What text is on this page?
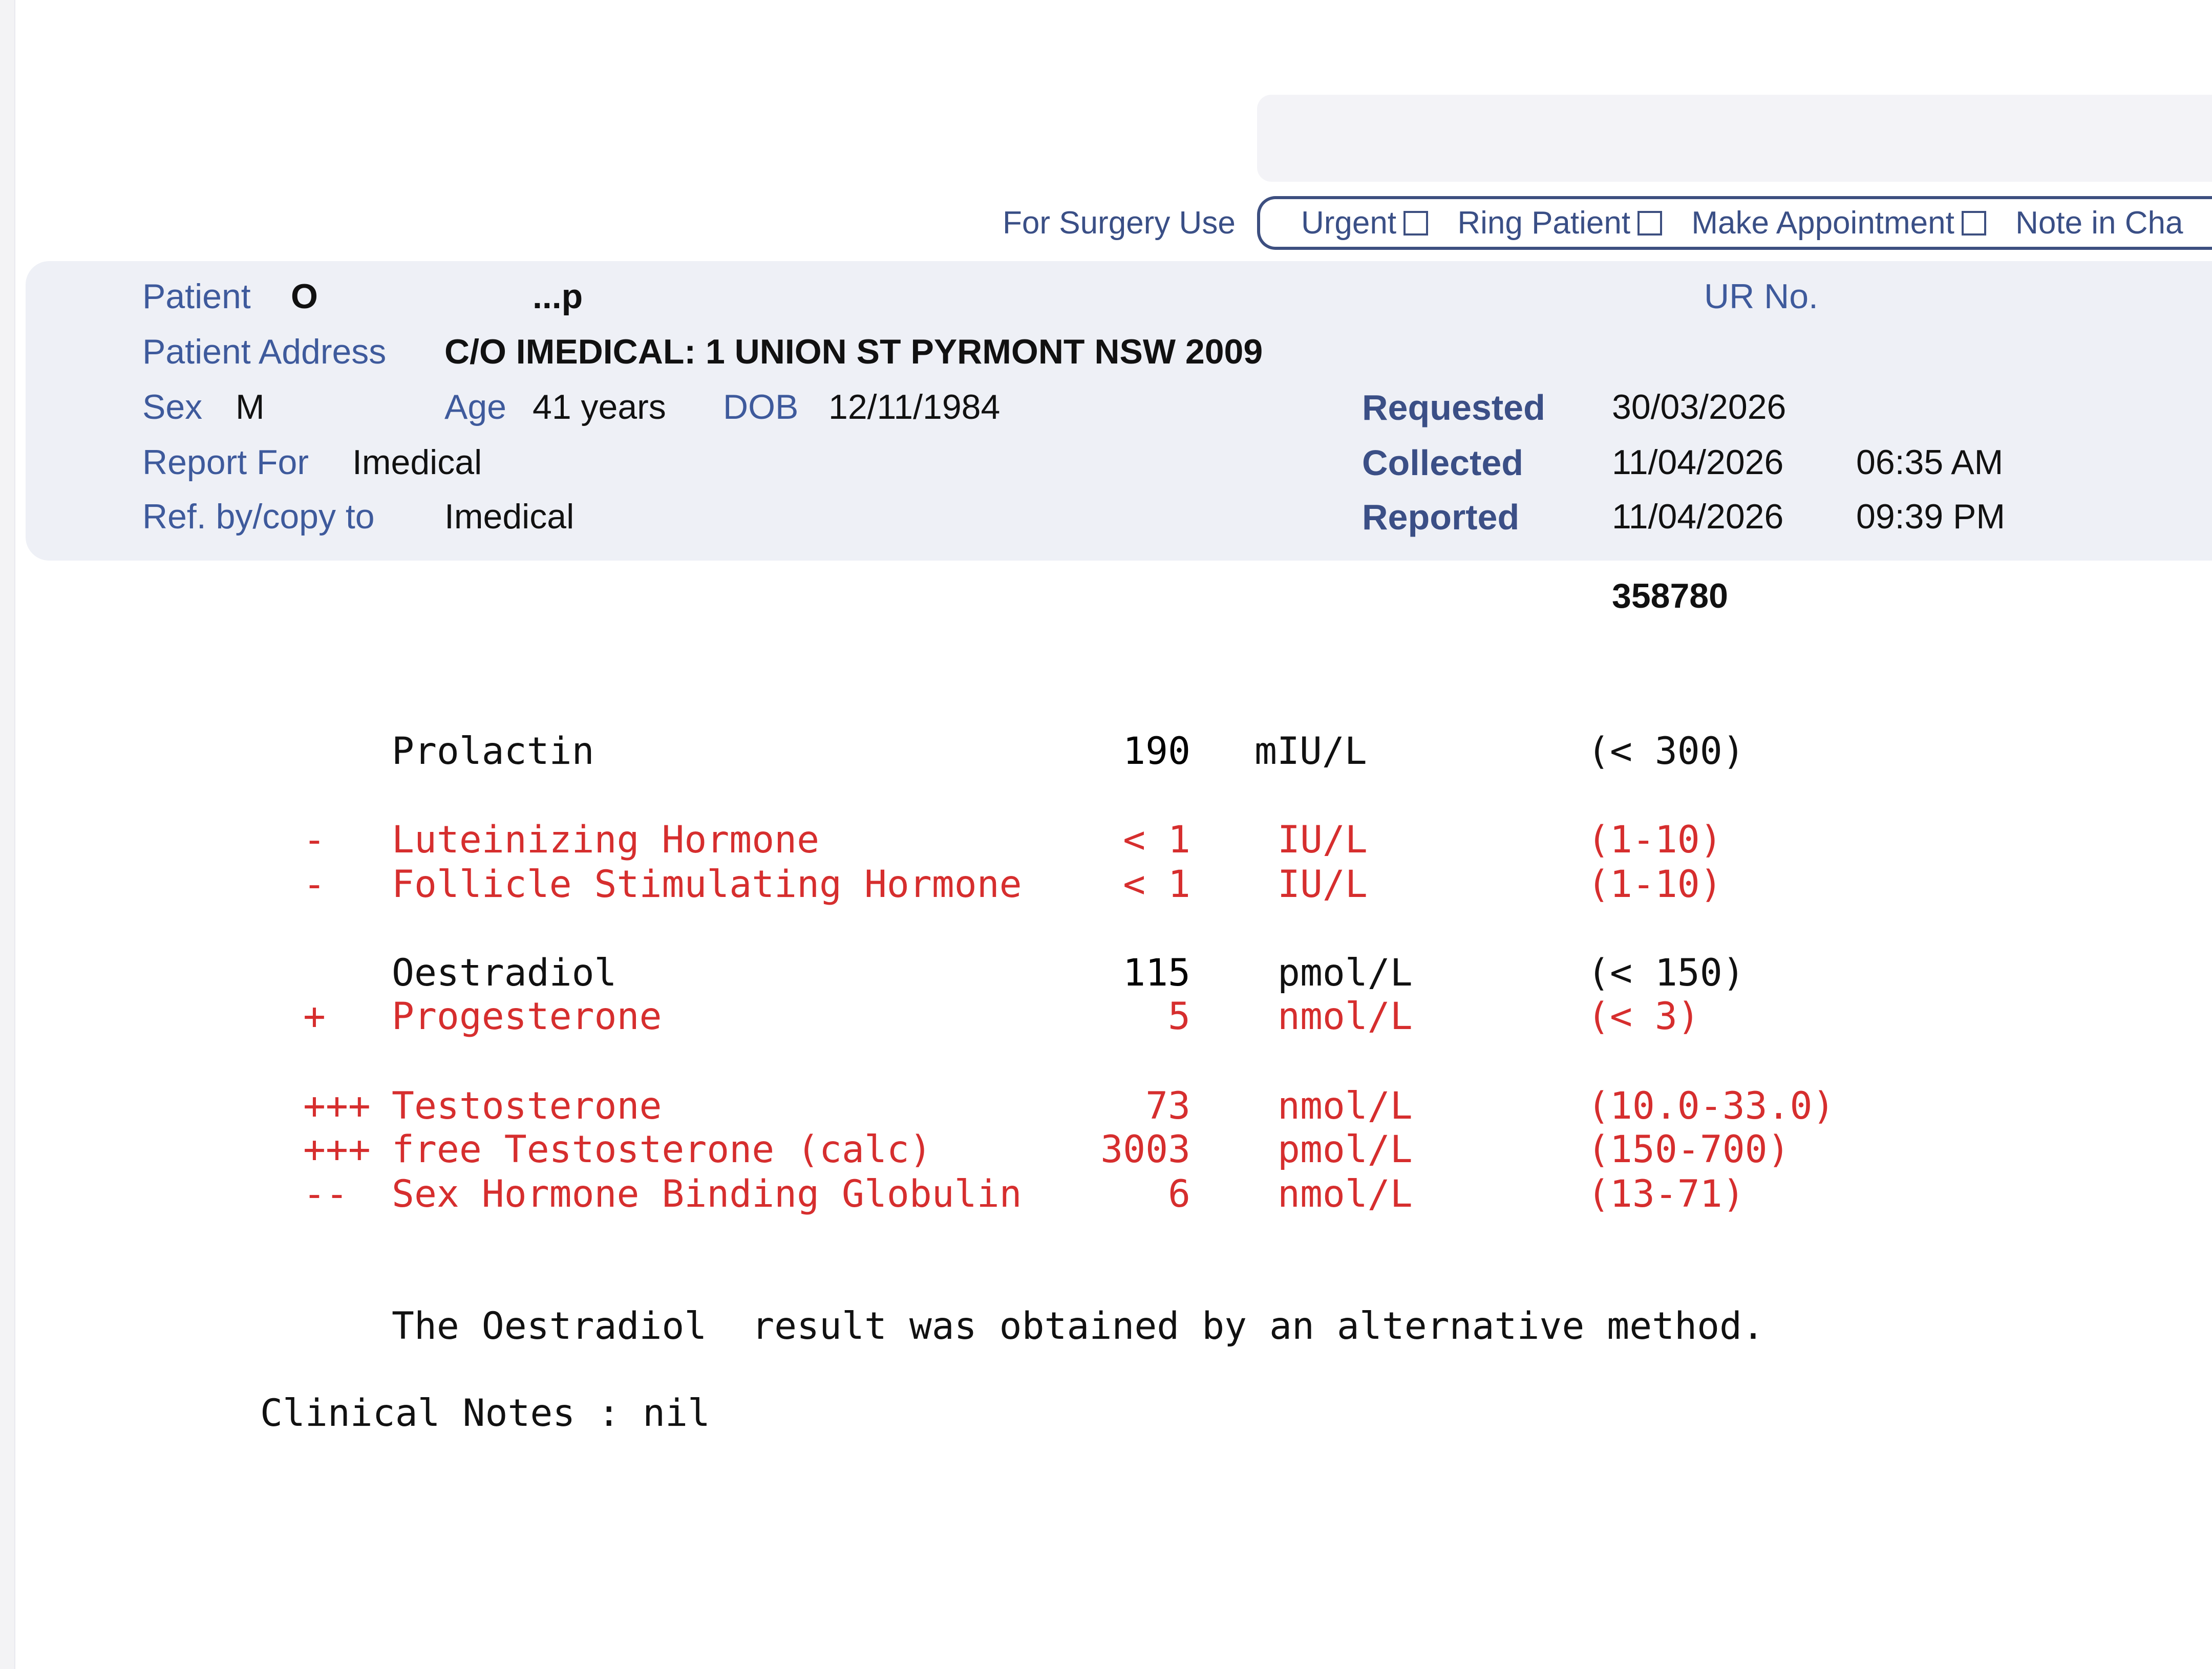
For Surgery Use	Urgent Ring Patient Make Appointment Note in Cha
Patient O	...p
Patient Address C/O IMEDICAL: 1 UNION ST PYRMONT NSW 2009
Sex M	Age 41 years DOB 12/11/1984
Report For Imedical
Ref. by/copy to Imedical
UR No.
Requested 30/03/2026
Collected	11/04/2026 06:35 AM
Reported	11/04/2026 09:39 PM
358780
Prolactin	190 mIU/L	(< 300)
- Luteinizing Hormone	< 1 IU/L	(1-10)
- Follicle Stimulating Hormone	< 1 IU/L	(1-10)
Oestradiol	115 pmol/L	(< 150)
+ Progesterone	5 nmol/L	(< 3)
+++ Testosterone	73 nmol/L	(10.0-33.0)
+++ free Testosterone (calc)	3003 pmol/L	(150-700)
-- Sex Hormone Binding Globulin	6 nmol/L	(13-71)
The Oestradiol  result was obtained by an alternative method.
Clinical Notes : nil
